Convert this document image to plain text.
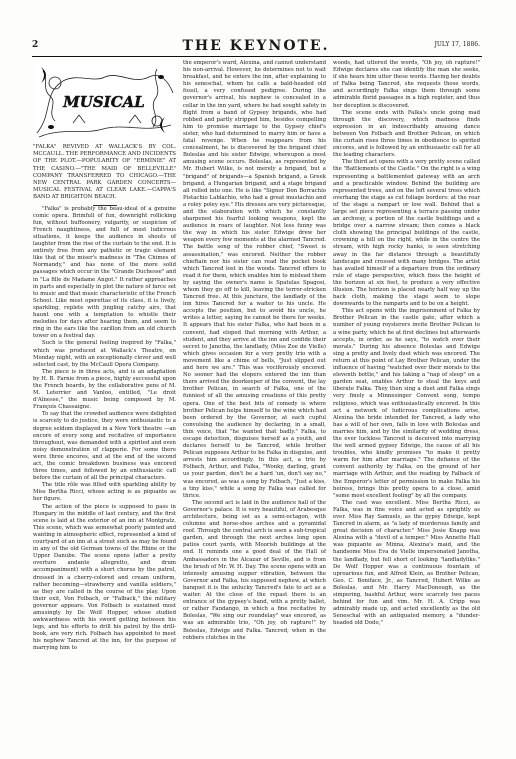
2	THE KEYNOTE.	JULY 17, 1886.
MUSICAL
"FALKA" REVIVED AT WALLACK'S BY COL. MCCAULL. THE PERFORMANCE AND INCIDENTS OF THE PLOT.—POPULARITY OF "ERMINIE" AT THE CASINO.—"THE MAID OF BELLEVILLE" COMPANY TRANSFERRED TO CHICAGO.—THE NEW CENTRAL PARK GARDEN CONCERTS—MUSICAL FESTIVAL AT CLEAR LAKE.—CAPPA'S BAND AT BRIGHTON BEACH.

"Falka" is probably the beau-ideal of a genuine comic opera. Brimfull of fun, downright rollicking fun, without buffoonery, vulgarity, or suspicion of French naughtiness, and full of most ludicrous situations, it keeps the audience in shouts of laughter from the rise of the curtain to the end. It is entirely free from any pathetic or tragic element like that of the miser's madness in "The Chimes of Normandy," and has none of the more solid passages which occur in the "Grande Duchesse" and in "La fille de Madame Angot." It rather approaches in parts and especially in plot the nature of farce set to music and that music characteristic of the French School. Like most operettas of its class, it is lively, sparkling, replete with jingling catchy airs, that haunt one with a temptation to whistle their melodies for days after hearing them, and seem to ring in the ears like the carillon from an old church tower on a festival day.

Such is the general feeling inspired by "Falka," which was produced at Wallack's Theatre, on Monday night, with an exceptionally clever and well selected cast, by the McCaull Opera Company.

The piece is in three acts, and is an adaptation by H. B. Farnie from a piece, highly successful upon the French boards, by the collaborative pens of M. M. Leterrier and Vanloo, entitled, "Le droit d'Aînesse," the music being composed by M. François Chassaigne.

To say that the crowded audience were delighted is scarcely to do justice, they were enthusiastic to a degree seldom displayed in a New York theatre —an encore of every song and recitative of importance throughout, was demanded with a spirited and even noisy demonstration of clapperie. For some there were three encores, and at the end of the second act, the comic breakdown business was encored three times, and followed by an enthusiastic call before the curtain of all the principal characters.

The title rôle was filled with sparkling ability by Miss Bertha Ricci, whose acting is as piquante as her figure.

The action of the piece is supposed to pass in Hungary in the middle of last century, and the first scene is laid at the exterior of an inn at Montgratz. This scene, which was somewhat poorly painted and wanting in atmospheric effect, represented a kind of courtyard of an inn at a street such as may be found in any of the old German towns of the Rhine or the Upper Danube. The scene opens (after a pretty overture andante allegretto, and drum accompaniment) with a short chorus by the patrol, dressed in a cherry-colored and cream uniform, rather becoming—strawberry and vanilla soldiers," as they are called in the course of the play. Upon their exit, Von Folbach, or "Falback," the military governor appears. Von Folbach is sustained most amusingly by De Wolf Hopper, whose studied awkwardness with his sword getting between his legs, and his efforts to drill his patrol by the drill-book, are very rich. Folbach has appointed to meet his nephew Tancred at the inn, for the purpose of marrying him to

the emperor's ward, Alexina, and cannot understand his non-arrival. However, he determines not to wait breakfast, and he enters the inn, after explaining to his seneschal, whom he calls a bald-headed old fossil, a very confused pedigree. During the governor's arrival, his nephew is concealed in a cellar in the inn yard, where he had sought safety in flight from a band of Gypsey brigands, who had robbed and partly stripped him, besides compelling him to promise marriage to the Gypsey chief's sister, who had determined to marry him or have a fatal revenge. When he reappears from his concealment, he is discovered by the brigand chief Boleslas and his sister Edwige, whereupon a most amusing scene occurs. Boleslas, as represented by Mr. Hubert Wilke, is not merely a brigand, but a "brigand" of brigands—a Spanish brigand, a Greek brigand, a Hungarian brigand, and a stage brigand all rolled into one. He is like "Signor Don Borrachio Pistachio Lablachio, who had a great mustachio and a roley poley eye." His dresses are very picturesque, and the elaboration with which he constantly sharpened his fearful looking weapons, kept the audience in roars of laughter. Not less funny was the way in which his sister Edwige drew her weapon every few moments at the alarmed Tancred. The battle song of the robber chief, "Sweet is assassination," was encored. Neither the robber chieftain nor his sister can read the pocket book which Tancred lost in the woods. Tancred offers to read it for them, which enables him to mislead them by saying the owner's name is Spatulas Spagosi, whom they go off to kill, leaving the terror-stricken Tancred free. At this juncture, the landlady of the inn hires Tancred for a waiter to his uncle. He accepts the position, but to avoid his uncle, he writes a letter, saying he cannot be there for weeks. It appears that his sister Falka, who had been in a convent, had eloped that morning with Arthur, a student, and they arrive at the inn and confide their secret to Janotha, the landlady, (Miss Zoe de Vielle) which gives occasion for a very pretty trio with a movement like a chime of bells, "Just slipped out and here we are." This was vociferously encored. No sooner had the elopers entered the inn than there arrived the doorkeeper of the convent, the lay brother Pelican, in search of Falka, one of the funniest of all the amusing creations of this pretty opera. One of the best bits of comedy is where brother Pelican helps himself to the wine which had been ordered by the Governor, at each cupful convulsing the audience by declaring, in a small, thin voice, that "he wanted that badly." Falka, to escape detection, disguises herself as a youth, and declares herself to be Tancred, while brother Pelican supposes Arthur to be Falka in disguise, and arrests him accordingly. In this act, a trio by Folbach, Arthur, and Falka, "Wonky, darling, grant us your pardon, don't be a hard 'un, don't say no," was encored, as was a song by Folbach, "Just a kiss, a tiny kiss," while a song by Falka was called for thrice.

The second act is laid in the audience hall of the Governor's palace. It is very beautiful, of Arabesque architecture, being set as a semi-octagon, with columns and horse-shoe arches and a pyramidal roof. Through the central arch is seen a sub-tropical garden, and through the next arches long open patios court yards, with Moorish buildings at the end. It reminds one a good deal of the Hall of Ambassadors in the Alcazar of Seville, and is from the brush of Mr. W. H. Day. The scene opens with an intensely amusing supper vibration, between the Governor and Falka, his supposed nephew, at which banquet it is the unlucky Tancred's fate to act as a waiter. At the close of the repast there is an entrance of the gypsey's band, with a pretty ballet, or rather Fandango, in which a fine recitative by Boleslas, "We sing our roundelay" was encored, as was an admirable trio, "Oh joy, oh rapture!" by Boleslas, Edwige and Falka. Tancred, when in the robbers clutches in the

woods, had uttered the words, "Oh joy, oh rapture!" Edwige declares she can identify the man she seeks, if she hears him utter these words. Having her doubts of Falka being Tancred, she requests those words, and accordingly Falka sings them through some admirable florid passages in a high register, and thus her deception is discovered.

The scene ends with Falka's uncle going mad through the discovery, which madness finds expression in an indescribably amusing dance between Von Folbach and Brother Pelican, on which the curtain rises three times in obedience to spirited encores, and is followed by an enthusiastic call for all the leading characters.

The third act opens with a very pretty scene called the "Battlements of the Castle." On the right is a wing representing a battlemented gateway with an arch and a practicable window. Behind the building are represented trees, and on the left several trees which overhang the stage as cut foliage borders: at the rear of the stage a rampart or low wall. Behind that a large set piece representing a terrace passing under an archway, a portion of the castle buildings and a bridge over a narrow stream; then comes a black cloth showing the principal buildings of the castle, crowning a hill on the right, while in the centre the stream, with high rocky banks, is seen stretching away in the far distance through a beautifully landscape and crossed with many bridges. The artist has availed himself of a departure from the ordinary rule of stage perspective, which fixes the height of the horizon at six feet, to produce a very effective illusion. The horizon is placed nearly half way up the back cloth, making the stage seem to slope downwards to the ramparts and to be on a height.

This act opens with the imprisonment of Falka by Brother Pelican in the castle gate, after which a number of young roysterers invite Brother Pelican to a wine party, which he at first declines but afterwards accepts, in order, as he says, "to watch over their morals." During his absence Boleslas and Edwige sing a pretty and lively duet which was encored. The return at this point of Lay Brother Pelican, under the influence of having "watched over their morals to the eleventh bottle," and his taking a "nap of sleep" on a garden seat, enables Arthur to steal the keys and liberate Falka. They then sing a duet and Falka sings very finely a Minnesinger Convent song, tempo religioso, which was enthusiastically encored. In this act a network of ludicrous complications arise, Alexina the bride intended for Tancred, a lady who has a will of her own, falls in love with Boleslas and marries him, and by the similarity of wedding dress, the ever luckless Tancred is deceived into marrying the well armed gypsey Edwige, the cause of all his troubles, who kindly promises "to make it pretty warm for him after marriage." The defiance of the convent authority by Falka, on the ground of her marriage with Arthur, and the reading by Falback of the Emperor's letter of permission to make Falka his heiress, brings this pretty opera to a close, amid "some most excellent fooling" by all the company.

The cast was excellent. Miss Bertha Ricci, as Falka, was in fine voice and acted as sprightly as ever. Miss Ray Samuels, as the gypsy Edwige, kept Tancred in alarm, as "a lady of murderous family and great decision of character." Miss Josie Knapp was Alexina with a "devil of a temper." Miss Annette Hall was piquante as Minna, Alexina's maid, and the handsome Miss Eva de Vielle impersonated Janotha, the landlady, but fell short of looking "landladylike." De Wolf Hopper was a continuous fountain of uproarious fun, and Alfred Klein, as Brother Pelican, Geo. C. Boniface, Jr., as Tancred, Hubert Wilke as Boleslas, and Mr. Harry MacDonough, as the simpering, bashful Arthur, were scarcely two paces behind for fun and vim. Mr. H. A. Cripp was admirably made up, and acted excellently as the old Seneschal with an antiquated memory, a "dunder-headed old Dodo,"
